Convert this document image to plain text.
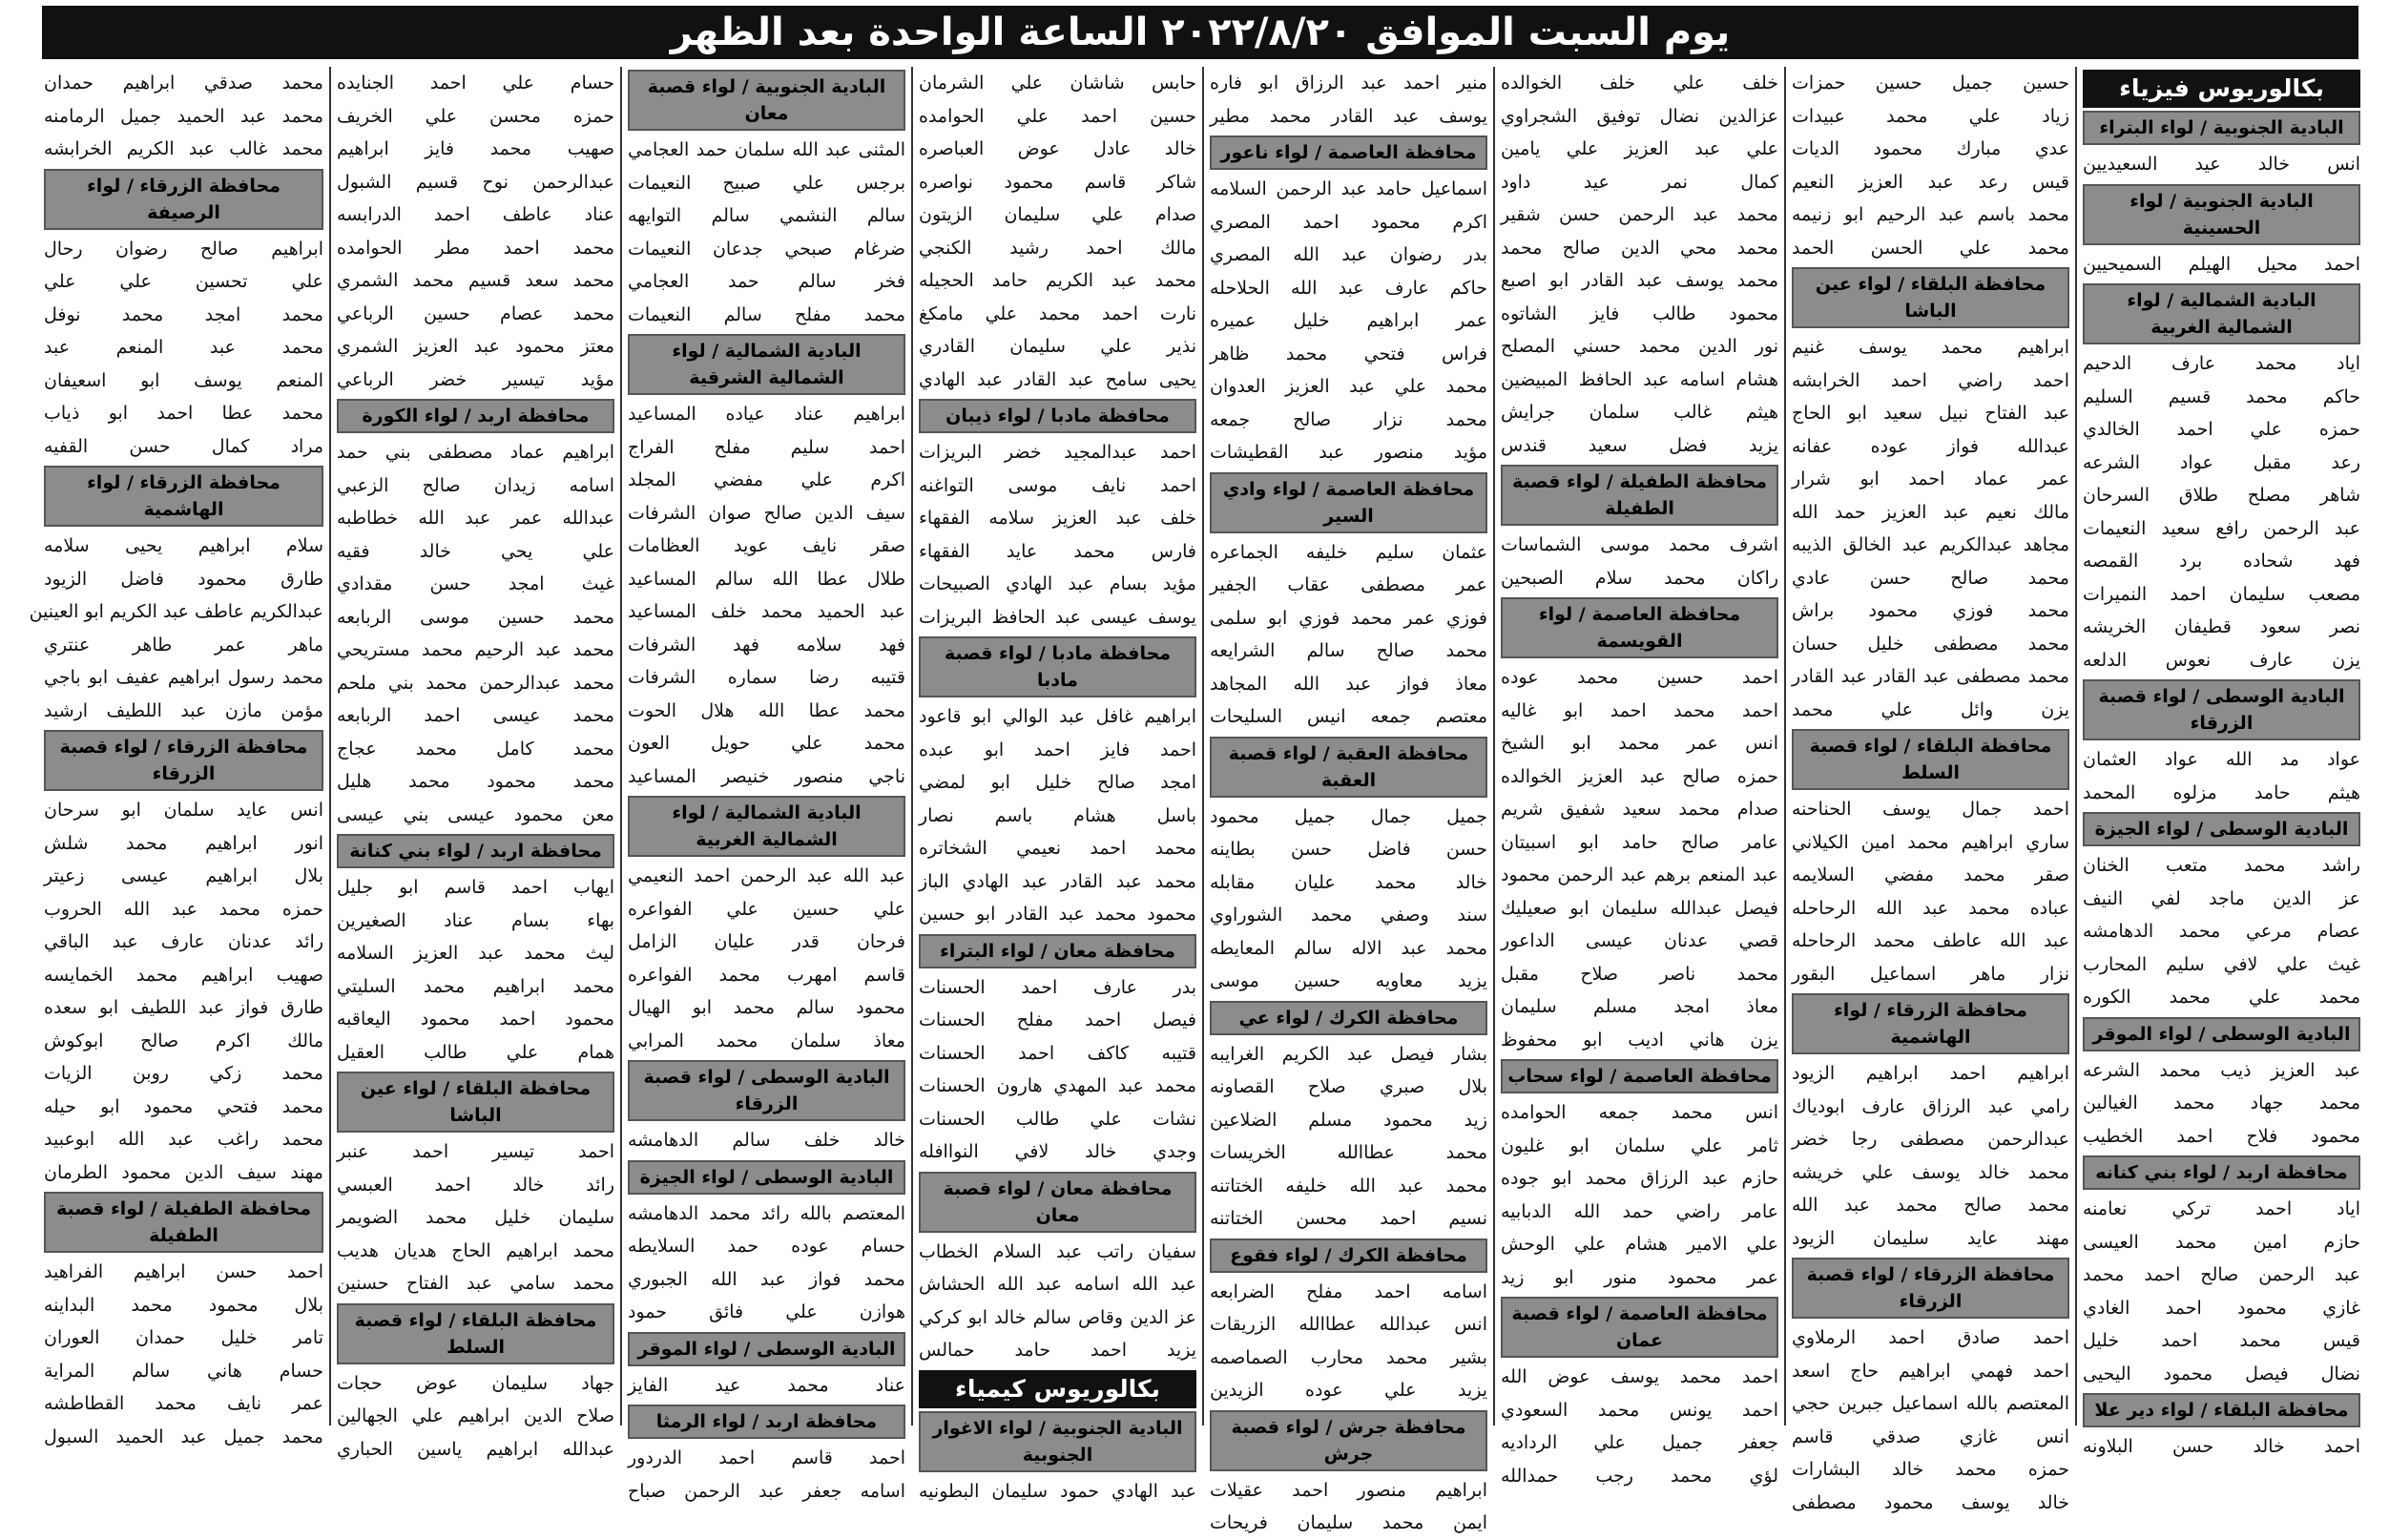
يوم السبت الموافق ٢٠٢٢/٨/٢٠ الساعة الواحدة بعد الظهر
بكالوريوس فيزياء
البادية الجنوبية / لواء البتراء
انس خالد عيد السعيديين
البادية الجنوبية / لواء الحسينية
احمد محيل الهيلم السميحيين
البادية الشمالية / لواء الشمالية الغربية
اياد محمد عارف الدحيم
حاكم محمد قسيم السليم
حمزه علي احمد الخالدي
رعد مقبل عواد الشرعه
شاهر مصلح طلاق السرحان
عبد الرحمن رافع سعيد النعيمات
فهد شحاده برد القمصه
مصعب سليمان احمد النميرات
نصر سعود قطيفان الخريشه
يزن عارف نعوس الدلعه
البادية الوسطى / لواء قصبة الزرقاء
عواد مد الله عواد العثمان
هيثم حامد مزلوه المحمد
البادية الوسطى / لواء الجيزة
راشد محمد متعب الخنان
عز الدين ماجد لفي النيف
عصام مرعي محمد الدهامشه
غيث علي لافي سليم المحارب
محمد علي محمد الكوره
البادية الوسطى / لواء الموقر
عبد العزيز ذيب محمد الشرعه
محمد جهاد محمد الغيالين
محمود فلاح احمد الخطيب
محافظة اربد / لواء بني كنانه
اياد احمد تركي نعامنه
حازم امين محمد العيسى
عبد الرحمن صالح احمد محمد
غازي محمود احمد الغادي
قيس محمد احمد خليل
نضال فيصل محمود اليحيى
محافظة البلقاء / لواء دير علا
احمد خالد حسن البلاونه
حسين جميل حسين حمزات
زياد علي محمد عبيدات
عدي مبارك محمود الديات
قيس رعد عبد العزيز النعيم
محمد باسم عبد الرحيم ابو زنيمه
محمد علي الحسن الحمد
محافظة البلقاء / لواء عين الباشا
ابراهيم محمد يوسف غنيم
احمد راضي احمد الخرابشه
عبد الفتاح نبيل سعيد ابو الحاج
عبدالله فواز عوده عفانه
عمر عماد احمد ابو شرار
مالك نعيم عبد العزيز حمد الله
مجاهد عبدالكريم عبد الخالق الذيبه
محمد صالح حسن عادي
محمد فوزي محمود براش
محمد مصطفى خليل حسان
محمد مصطفى عبد القادر عبد القادر
يزن وائل علي محمد
محافظة البلقاء / لواء قصبة السلط
احمد جمال يوسف الحناحنه
ساري ابراهيم محمد امين الكيلاني
صقر محمد مفضي السلايمه
عباده محمد عبد الله الرحاحله
عبد الله عاطف محمد الرحاحله
نزار ماهر اسماعيل البقور
محافظة الزرقاء / لواء الهاشمية
ابراهيم احمد ابراهيم الزيود
رامي عبد الرزاق عارف ابودياك
عبدالرحمن مصطفى رجا خضر
محمد خالد يوسف علي خريشه
محمد صالح محمد عبد الله
مهند عايد سليمان الزيود
محافظة الزرقاء / لواء قصبة الزرقاء
احمد صادق احمد الرملاوي
احمد فهمي ابراهيم حاج اسعد
المعتصم بالله اسماعيل جبرين حجي
انس غازي صدقي قاسم
حمزه محمد خالد البشارات
خالد يوسف محمود مصطفى
خلف علي خلف الخوالده
عزالدين نضال توفيق الشجراوي
علي عبد العزيز علي يامين
كمال نمر عيد داود
محمد عبد الرحمن حسن شقير
محمد محي الدين صالح محمد
محمد يوسف عبد القادر ابو اصبع
محمود طالب فايز الشاتوه
نور الدين محمد حسني المصلح
هشام اسامه عبد الحافظ المبيضين
هيثم غالب سلمان جرايش
يزيد فضل سعيد قندس
محافظة الطفيلة / لواء قصبة الطفيلة
اشرف محمد موسى الشماسات
راكان محمد سلام الصبحين
محافظة العاصمة / لواء القويسمة
احمد حسين محمد عوده
احمد محمد احمد ابو غاليه
انس عمر محمد ابو الشيخ
حمزه صالح عبد العزيز الخوالده
صدام محمد سعيد شفيق شريم
عامر صالح حامد ابو اسبيتان
عبد المنعم برهم عبد الرحمن محمود
فيصل عبدالله سليمان ابو صعيليك
قصي عدنان عيسى الداعور
محمد ناصر صلاح مقبل
معاذ امجد مسلم سليمان
يزن هاني اديب ابو محفوظ
محافظة العاصمة / لواء سحاب
انس محمد جمعه الحوامده
ثامر علي سلمان ابو غليون
حازم عبد الرزاق محمد ابو جوده
عامر راضي حمد الله الدبابيه
علي الامير هشام علي الوحش
عمر محمود منور ابو زيد
محافظة العاصمة / لواء قصبة عمان
احمد محمد يوسف عوض الله
احمد يونس محمد السعودي
جعفر جميل علي الرداديه
لؤي محمد رجب حمدالله
منير احمد عبد الرزاق ابو فاره
يوسف عبد القادر محمد مطير
محافظة العاصمة / لواء ناعور
اسماعيل حامد عبد الرحمن السلامه
اكرم محمود احمد المصري
بدر رضوان عبد الله المصري
حاكم عارف عبد الله الحلاحله
عمر ابراهيم خليل عميره
فراس فتحي محمد ظاهر
محمد علي عبد العزيز العدوان
محمد نزار صالح جمعه
مؤيد منصور عبد القطيشات
محافظة العاصمة / لواء وادي السير
عثمان سليم خليفه الجماعره
عمر مصطفى عقاب الجفير
فوزي عمر محمد فوزي ابو سلمى
محمد صالح سالم الشرايعه
معاذ فواز عبد الله المجاهد
معتصم جمعه انيس السليحات
محافظة العقبة / لواء قصبة العقبة
جميل جمال جميل محمود
حسن فاضل حسن بطاينه
خالد محمد عليان مقابله
سند وصفي محمد الشوراوي
محمد عبد الاله سالم المعايطه
يزيد معاويه حسين موسى
محافظة الكرك / لواء عي
بشار فيصل عبد الكريم الغرايبه
بلال صبري صلاح القصاونه
زيد محمود مسلم الضلاعين
محمد عطاالله الخريسات
محمد عبد الله خليفه الختاتنه
نسيم احمد محسن الختاتنه
محافظة الكرك / لواء فقوع
اسامه احمد مفلح الضرابعه
انس عبدالله عطاالله الزريقات
بشير محمد محارب الصماصمه
يزيد علي عوده الزيدين
محافظة جرش / لواء قصبة جرش
ابراهيم منصور احمد عقيلات
ايمن محمد سليمان فريحات
حابس شاشان علي الشرمان
حسين احمد علي الحوامده
خالد عادل عوض العباصره
شاكر قاسم محمود نواصره
صدام علي سليمان الزيتون
مالك احمد رشيد الكنجي
محمد عبد الكريم حامد الحجيله
نارت احمد محمد علي مامكغ
نذير علي سليمان القادري
يحيى سامح عبد القادر عبد الهادي
محافظة مادبا / لواء ذيبان
احمد عبدالمجيد خضر البريزات
احمد نايف موسى التواغنه
خلف عبد العزيز سلامه الفقهاء
فارس محمد عايد الفقهاء
مؤيد بسام عبد الهادي الصبيحات
يوسف عيسى عبد الحافظ البريزات
محافظة مادبا / لواء قصبة مادبا
ابراهيم غافل عبد الوالي ابو قاعود
احمد فايز احمد ابو عبده
امجد صالح خليل ابو لمضي
باسل هشام باسم نصار
محمد احمد نعيمي الشخاتره
محمد عبد القادر عبد الهادي الباز
محمود محمد عبد القادر ابو حسين
محافظة معان / لواء البتراء
بدر عارف احمد الحسنات
فيصل احمد مفلح الحسنات
قتيبه كاكف احمد الحسنات
محمد عبد المهدي هارون الحسنات
نشات علي طالب الحسنات
وجدي خالد لافي النواافله
محافظة معان / لواء قصبة معان
سفيان راتب عبد السلام الخطاب
عبد الله اسامه عبد الله الحشاش
عز الدين وقاص سالم خالد ابو كركي
يزيد احمد حامد حمالس
بكالوريوس كيمياء
البادية الجنوبية / لواء الاغوار الجنوبية
عبد الهادي حمود سليمان البطونيه
البادية الجنوبية / لواء قصبة معان
المثنى عبد الله سلمان حمد العجامي
برجس علي صبيح النعيمات
سالم النشمي سالم التوايهه
ضرغام صبحي جدعان النعيمات
فخر سالم حمد العجامي
محمد مفلح سالم النعيمات
البادية الشمالية / لواء الشمالية الشرقية
ابراهيم عناد عياده المساعيد
احمد سليم مفلح الفراج
اكرم علي مفضي المجلد
سيف الدين صالح صوان الشرفات
صقر نايف عويد العظامات
طلال عطا الله سالم المساعيد
عبد الحميد محمد خلف المساعيد
فهد سلامه فهد الشرفات
قتيبه رضا سماره الشرفات
محمد عطا الله هلال الحوت
محمد علي حويل العون
ناجي منصور خنيصر المساعيد
البادية الشمالية / لواء الشمالية الغربية
عبد الله عبد الرحمن احمد النعيمي
علي حسين علي الفواعره
فرحان قدر عليان الزامل
قاسم امهرب محمد الفواعره
محمود سالم محمد ابو الهيال
معاذ سلمان محمد المرابي
البادية الوسطى / لواء قصبة الزرقاء
خالد خلف سالم الدهامشه
البادية الوسطى / لواء الجيزة
المعتصم بالله رائد محمد الدهامشه
حسام عوده حمد السلايطه
محمد فواز عبد الله الجبوري
هوازن علي فائق حمود
البادية الوسطى / لواء الموقر
عناد محمد عيد الفايز
محافظة اربد / لواء الرمثا
احمد قاسم احمد الدردور
اسامه جعفر عبد الرحمن صباح
حسام علي احمد الجنايده
حمزه محسن علي الخريف
صهيب محمد فايز ابراهيم
عبدالرحمن نوح قسيم الشبول
عناد عاطف احمد الدرابسه
محمد احمد مطر الحوامده
محمد سعد قسيم محمد الشمري
محمد عصام حسين الرباعي
معتز محمود عبد العزيز الشمري
مؤيد تيسير خضر الرباعي
محافظة اربد / لواء الكورة
ابراهيم عماد مصطفى بني حمد
اسامه زيدان صالح الزعبي
عبدالله عمر عبد الله خطاطبه
علي يحي خالد فقيه
غيث امجد حسن مقدادي
محمد حسين موسى الربابعه
محمد عبد الرحيم محمد مستريحي
محمد عبدالرحمن محمد بني ملحم
محمد عيسى احمد الربابعه
محمد كامل محمد عجاج
محمد محمود محمد هليل
معن محمود عيسى بني عيسى
محافظة اربد / لواء بني كنانة
ايهاب احمد قاسم ابو جليل
بهاء بسام عناد الصغيرين
ليث محمد عبد العزيز السلامه
محمد ابراهيم محمد السليتي
محمود احمد محمود اليعاقبه
همام علي طالب العقيل
محافظة البلقاء / لواء عين الباشا
احمد تيسير احمد عنبر
رائد خالد احمد العبسي
سليمان خليل محمد الضويمر
محمد ابراهيم الحاج هديان هديب
محمد سامي عبد الفتاح حسنين
محافظة البلقاء / لواء قصبة السلط
جهاد سليمان عوض حجات
صلاح الدين ابراهيم علي الجهالين
عبدالله ابراهيم ياسين الحباري
محمد صدقي ابراهيم حمدان
محمد عبد الحميد جميل الرمامنه
محمد غالب عبد الكريم الخرابشه
محافظة الزرقاء / لواء الرصيفة
ابراهيم صالح رضوان رحال
علي تحسين علي علي
محمد امجد محمد نوفل
محمد عبد المنعم عبد
المنعم يوسف ابو اسعيفان
محمد عطا احمد ابو ذياب
مراد كمال حسن القفيه
محافظة الزرقاء / لواء الهاشمية
سلام ابراهيم يحيى سلامه
طارق محمود فاضل الزيود
عبدالكريم عاطف عبد الكريم ابو العينين
ماهر عمر طاهر عنتري
محمد رسول ابراهيم عفيف ابو باجي
مؤمن مازن عبد اللطيف ارشيد
محافظة الزرقاء / لواء قصبة الزرقاء
انس عايد سلمان ابو سرحان
انور ابراهيم محمد شلش
بلال ابراهيم عيسى زعيتر
حمزه محمد عبد الله الحروب
رائد عدنان عارف عبد الباقي
صهيب ابراهيم محمد الخمايسه
طارق فواز عبد اللطيف ابو سعده
مالك اكرم صالح ابوكوش
محمد زكي روبن الزيات
محمد فتحي محمود ابو حيله
محمد راغب عبد الله ابوعبيد
مهند سيف الدين محمود الطرمان
محافظة الطفيلة / لواء قصبة الطفيلة
احمد حسن ابراهيم الفراهيد
بلال محمود محمد البداينه
تامر خليل حمدان العوران
حسام هاني سالم المراية
عمر نايف محمد القطاطشه
محمد جميل عبد الحميد السبول
